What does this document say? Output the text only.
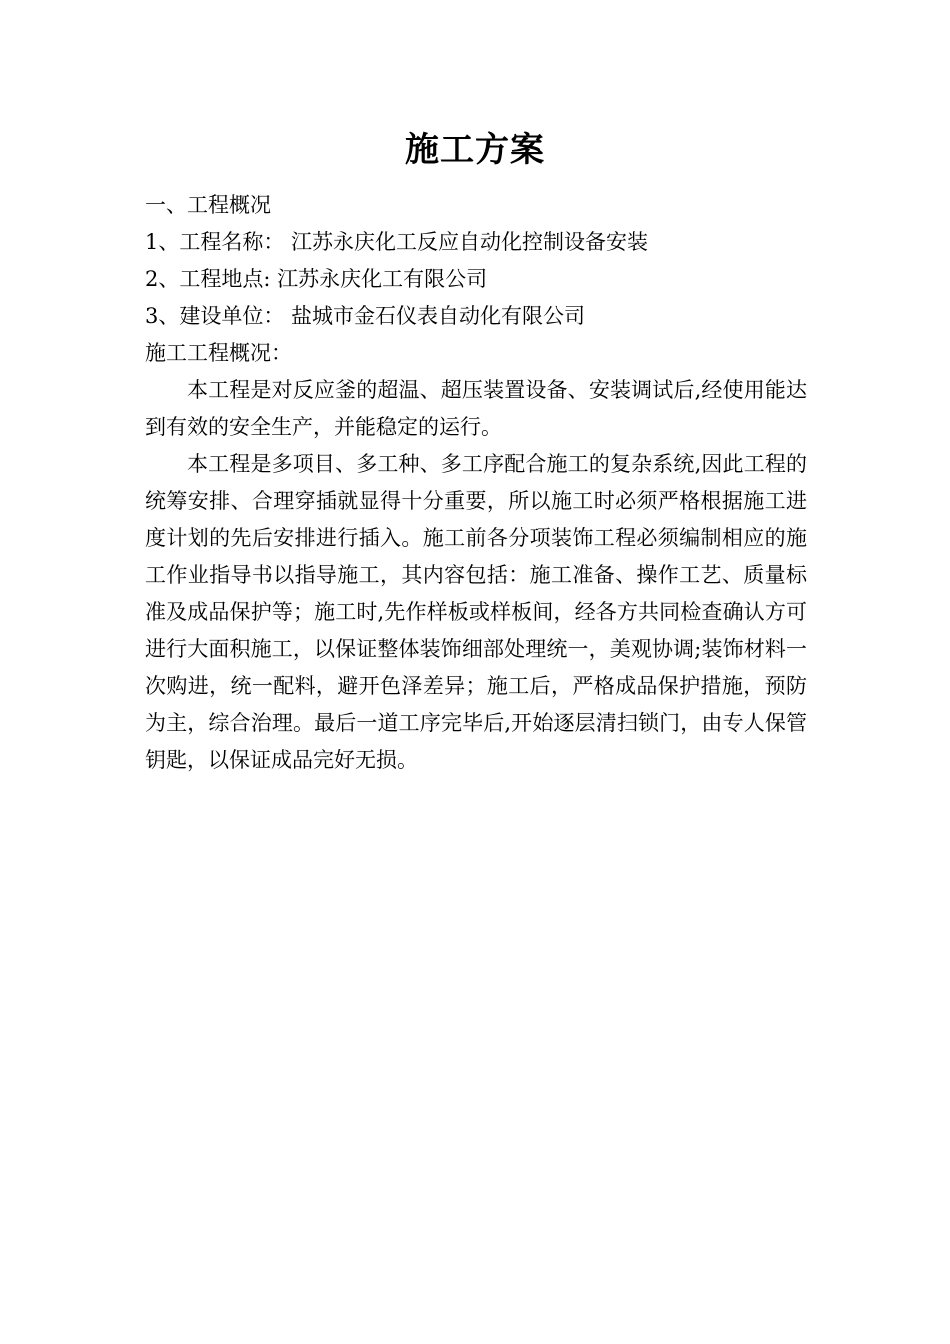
施工方案

一、工程概况

1、工程名称： 江苏永庆化工反应自动化控制设备安装

2、工程地点: 江苏永庆化工有限公司

3、建设单位： 盐城市金石仪表自动化有限公司

施工工程概况：

本工程是对反应釜的超温、超压装置设备、安装调试后,经使用能达到有效的安全生产，并能稳定的运行。

本工程是多项目、多工种、多工序配合施工的复杂系统,因此工程的统筹安排、合理穿插就显得十分重要，所以施工时必须严格根据施工进度计划的先后安排进行插入。施工前各分项装饰工程必须编制相应的施工作业指导书以指导施工，其内容包括：施工准备、操作工艺、质量标准及成品保护等；施工时,先作样板或样板间，经各方共同检查确认方可进行大面积施工，以保证整体装饰细部处理统一，美观协调;装饰材料一次购进，统一配料，避开色泽差异；施工后，严格成品保护措施，预防为主，综合治理。最后一道工序完毕后,开始逐层清扫锁门，由专人保管钥匙，以保证成品完好无损。
